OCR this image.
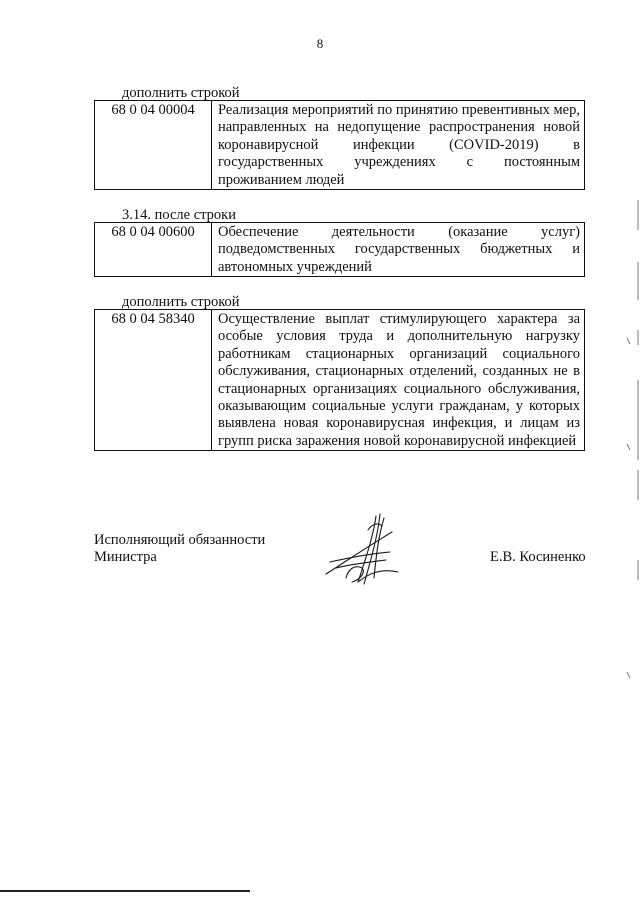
8
дополнить строкой
68 0 04 00004	Реализация мероприятий по принятию превентивных мер, направленных на недопущение распространения новой коронавирусной инфекции (COVID-2019) в государственных учреждениях с постоянным проживанием людей
3.14. после строки
68 0 04 00600	Обеспечение деятельности (оказание услуг) подведомственных государственных бюджетных и автономных учреждений
дополнить строкой
68 0 04 58340	Осуществление выплат стимулирующего характера за особые условия труда и дополнительную нагрузку работникам стационарных организаций социального обслуживания, стационарных отделений, созданных не в стационарных организациях социального обслуживания, оказывающим социальные услуги гражданам, у которых выявлена новая коронавирусная инфекция, и лицам из групп риска заражения новой коронавирусной инфекцией
Исполняющий обязанности
Министра	Е.В. Косиненко
